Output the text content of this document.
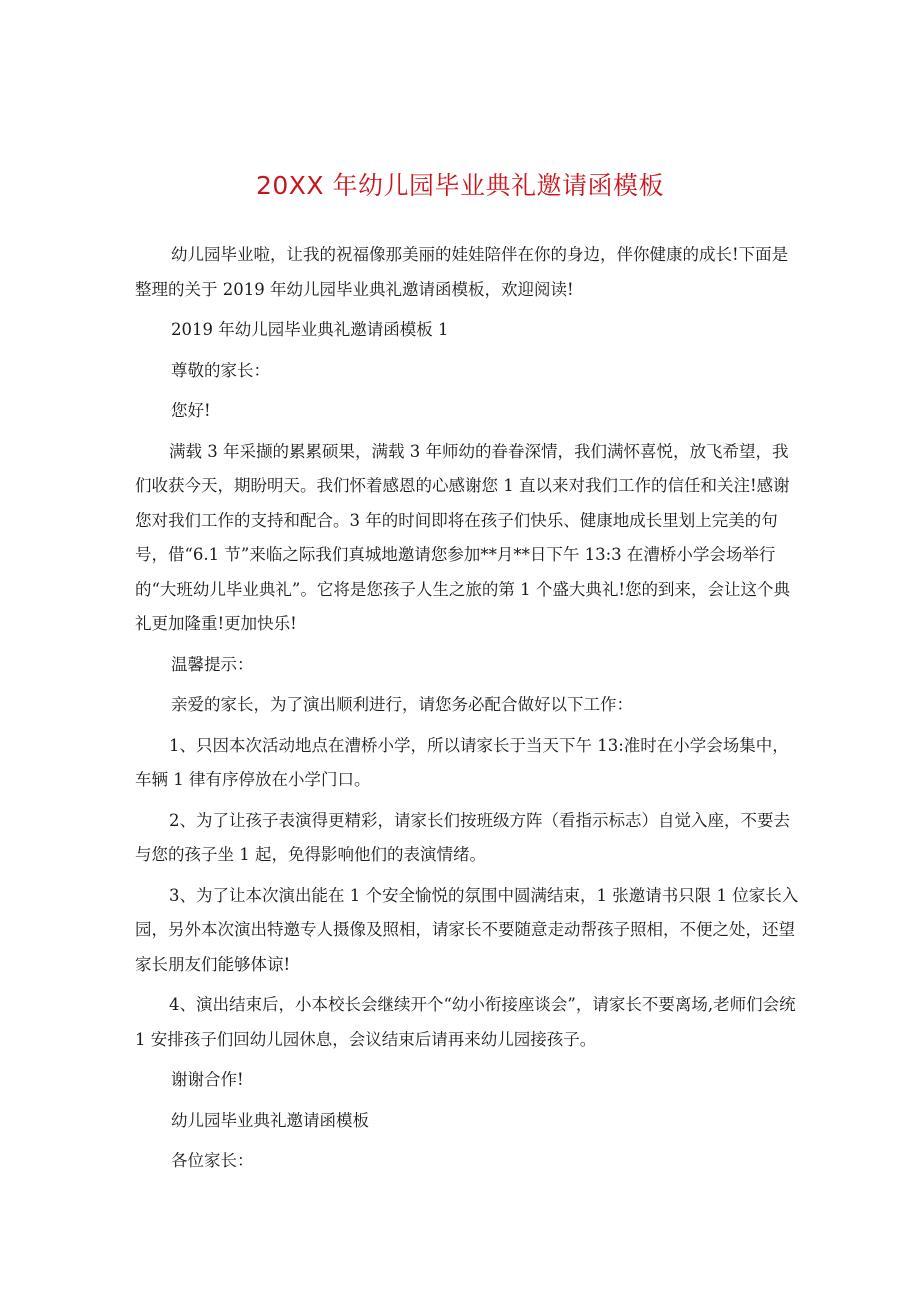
20XX 年幼儿园毕业典礼邀请函模板

幼儿园毕业啦，让我的祝福像那美丽的娃娃陪伴在你的身边，伴你健康的成长!下面是整理的关于 2019 年幼儿园毕业典礼邀请函模板，欢迎阅读!

2019 年幼儿园毕业典礼邀请函模板 1

尊敬的家长：

您好!

满载 3 年采撷的累累硕果，满载 3 年师幼的眷眷深情，我们满怀喜悦，放飞希望，我们收获今天，期盼明天。我们怀着感恩的心感谢您 1 直以来对我们工作的信任和关注!感谢您对我们工作的支持和配合。3 年的时间即将在孩子们快乐、健康地成长里划上完美的句号，借“6.1 节”来临之际我们真城地邀请您参加**月**日下午 13:3 在漕桥小学会场举行的“大班幼儿毕业典礼”。它将是您孩子人生之旅的第 1 个盛大典礼!您的到来，会让这个典礼更加隆重!更加快乐!

温馨提示：

亲爱的家长，为了演出顺利进行，请您务必配合做好以下工作：

1、只因本次活动地点在漕桥小学，所以请家长于当天下午 13:准时在小学会场集中，车辆 1 律有序停放在小学门口。

2、为了让孩子表演得更精彩，请家长们按班级方阵（看指示标志）自觉入座，不要去与您的孩子坐 1 起，免得影响他们的表演情绪。

3、为了让本次演出能在 1 个安全愉悦的氛围中圆满结束，1 张邀请书只限 1 位家长入园，另外本次演出特邀专人摄像及照相，请家长不要随意走动帮孩子照相，不便之处，还望家长朋友们能够体谅!

4、演出结束后，小本校长会继续开个“幼小衔接座谈会”，请家长不要离场,老师们会统 1 安排孩子们回幼儿园休息，会议结束后请再来幼儿园接孩子。

谢谢合作!

幼儿园毕业典礼邀请函模板

各位家长：
